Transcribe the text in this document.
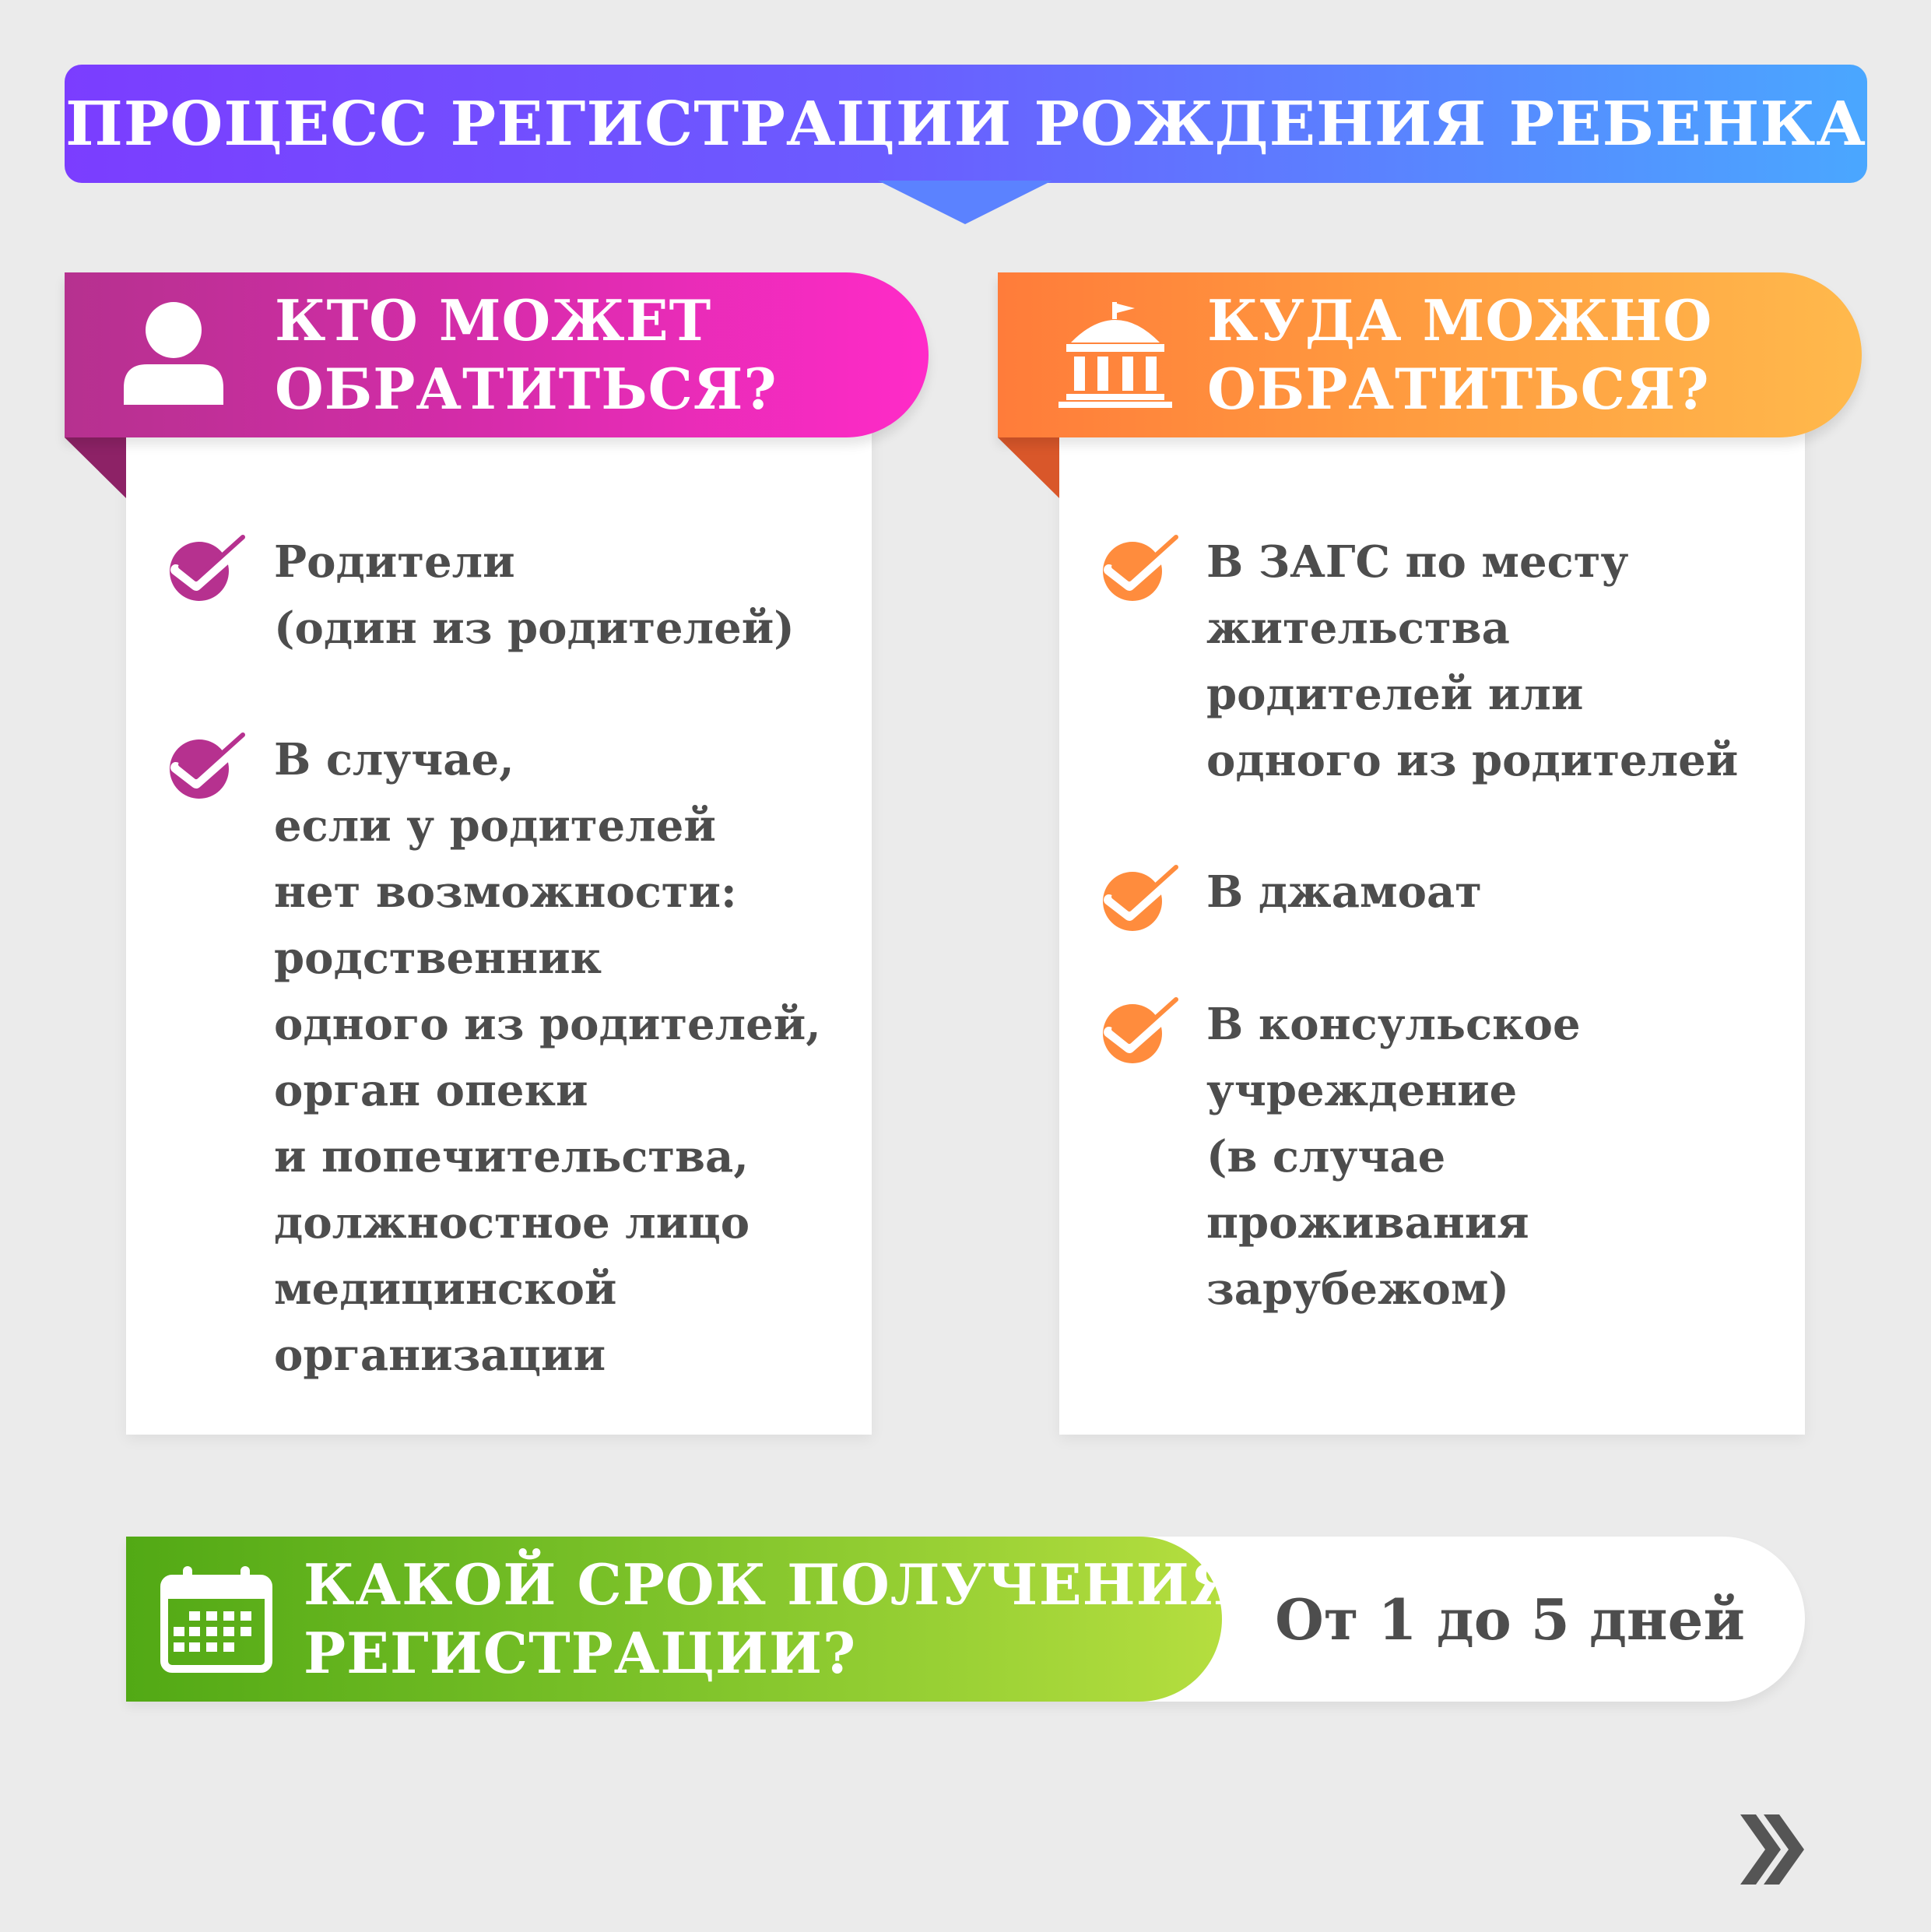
ПРОЦЕСС РЕГИСТРАЦИИ РОЖДЕНИЯ РЕБЕНКА
КТО МОЖЕТ
ОБРАТИТЬСЯ?
Родители
(один из родителей)
В случае,
если у родителей
нет возможности:
родственник
одного из родителей,
орган опеки
и попечительства,
должностное лицо
медицинской
организации
КУДА МОЖНО
ОБРАТИТЬСЯ?
В ЗАГС по месту
жительства
родителей или
одного из родителей
В джамоат
В консульское
учреждение
(в случае
проживания
зарубежом)
КАКОЙ СРОК ПОЛУЧЕНИЯ
РЕГИСТРАЦИИ?
От 1 до 5 дней
